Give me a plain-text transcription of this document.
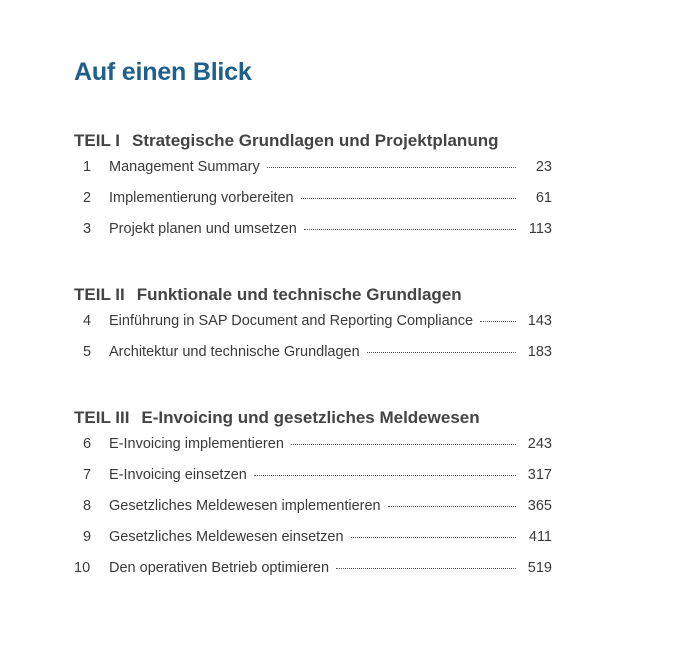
Auf einen Blick
TEIL I Strategische Grundlagen und Projektplanung
1	Management Summary	23
2	Implementierung vorbereiten	61
3	Projekt planen und umsetzen	113
TEIL II Funktionale und technische Grundlagen
4	Einführung in SAP Document and Reporting Compliance	143
5	Architektur und technische Grundlagen	183
TEIL III E-Invoicing und gesetzliches Meldewesen
6	E-Invoicing implementieren	243
7	E-Invoicing einsetzen	317
8	Gesetzliches Meldewesen implementieren	365
9	Gesetzliches Meldewesen einsetzen	411
10	Den operativen Betrieb optimieren	519
